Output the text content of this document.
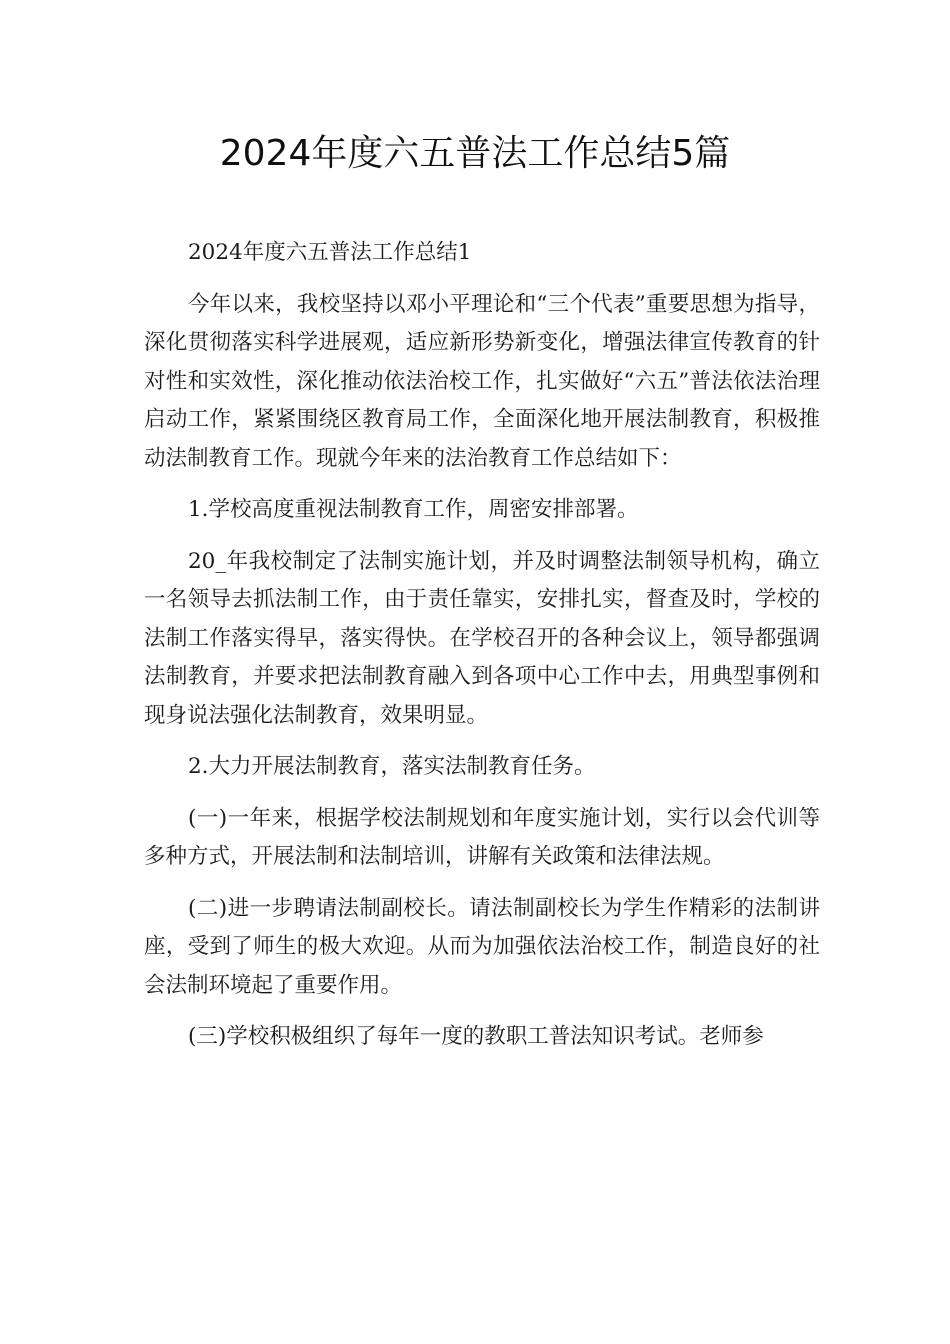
2024年度六五普法工作总结5篇

2024年度六五普法工作总结1

今年以来，我校坚持以邓小平理论和“三个代表”重要思想为指导，深化贯彻落实科学进展观，适应新形势新变化，增强法律宣传教育的针对性和实效性，深化推动依法治校工作，扎实做好“六五”普法依法治理启动工作，紧紧围绕区教育局工作，全面深化地开展法制教育，积极推动法制教育工作。现就今年来的法治教育工作总结如下：

1.学校高度重视法制教育工作，周密安排部署。

20_年我校制定了法制实施计划，并及时调整法制领导机构，确立一名领导去抓法制工作，由于责任靠实，安排扎实，督查及时，学校的法制工作落实得早，落实得快。在学校召开的各种会议上，领导都强调法制教育，并要求把法制教育融入到各项中心工作中去，用典型事例和现身说法强化法制教育，效果明显。

2.大力开展法制教育，落实法制教育任务。

(一)一年来，根据学校法制规划和年度实施计划，实行以会代训等多种方式，开展法制和法制培训，讲解有关政策和法律法规。

(二)进一步聘请法制副校长。请法制副校长为学生作精彩的法制讲座，受到了师生的极大欢迎。从而为加强依法治校工作，制造良好的社会法制环境起了重要作用。

(三)学校积极组织了每年一度的教职工普法知识考试。老师参
